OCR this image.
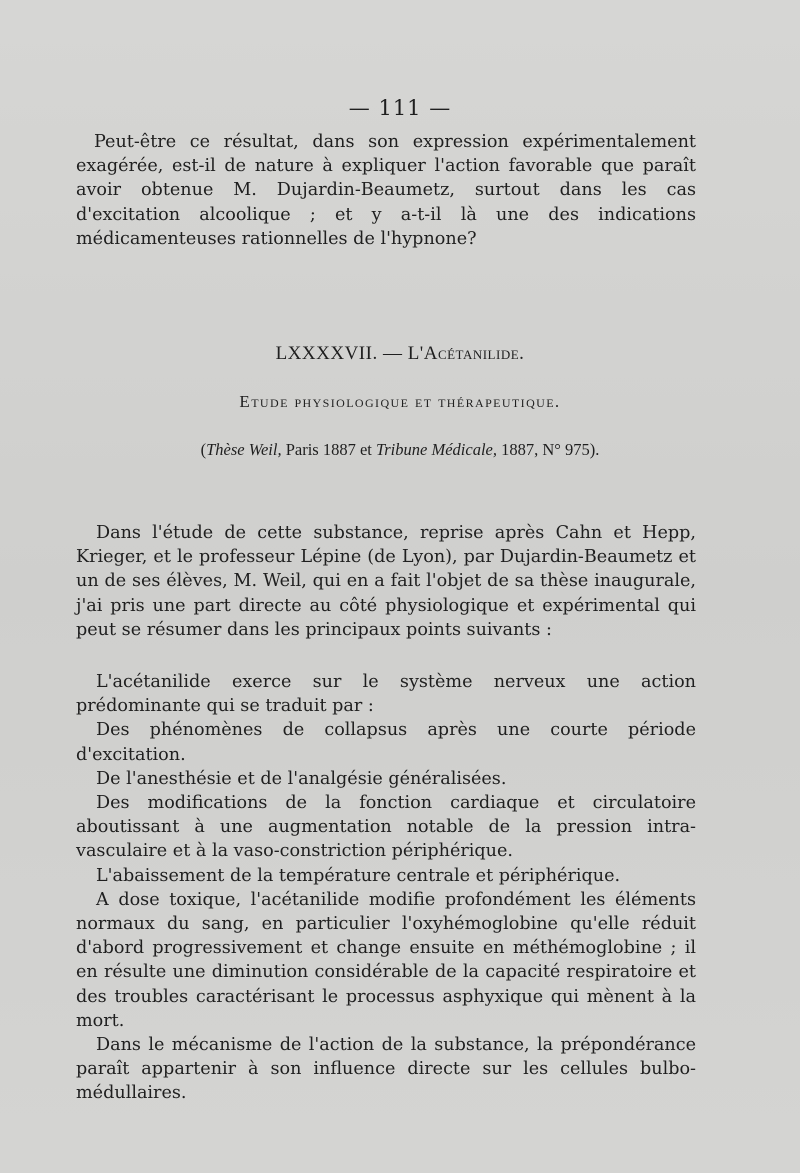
— 111 —

Peut-être ce résultat, dans son expression expérimentalement exagérée, est-il de nature à expliquer l'action favorable que paraît avoir obtenue M. Dujardin-Beaumetz, surtout dans les cas d'excitation alcoolique ; et y a-t-il là une des indications médicamenteuses rationnelles de l'hypnone?

LXXXXVII. — L'Acétanilide.
Etude physiologique et thérapeutique.
(Thèse Weil, Paris 1887 et Tribune Médicale, 1887, N° 975).

Dans l'étude de cette substance, reprise après Cahn et Hepp, Krieger, et le professeur Lépine (de Lyon), par Dujardin-Beaumetz et un de ses élèves, M. Weil, qui en a fait l'objet de sa thèse inaugurale, j'ai pris une part directe au côté physiologique et expérimental qui peut se résumer dans les principaux points suivants :

L'acétanilide exerce sur le système nerveux une action prédominante qui se traduit par :

Des phénomènes de collapsus après une courte période d'excitation.

De l'anesthésie et de l'analgésie généralisées.

Des modifications de la fonction cardiaque et circulatoire aboutissant à une augmentation notable de la pression intra-vasculaire et à la vaso-constriction périphérique.

L'abaissement de la température centrale et périphérique.

A dose toxique, l'acétanilide modifie profondément les éléments normaux du sang, en particulier l'oxyhémoglobine qu'elle réduit d'abord progressivement et change ensuite en méthémoglobine ; il en résulte une diminution considérable de la capacité respiratoire et des troubles caractérisant le processus asphyxique qui mènent à la mort.

Dans le mécanisme de l'action de la substance, la prépondérance paraît appartenir à son influence directe sur les cellules bulbo-médullaires.
